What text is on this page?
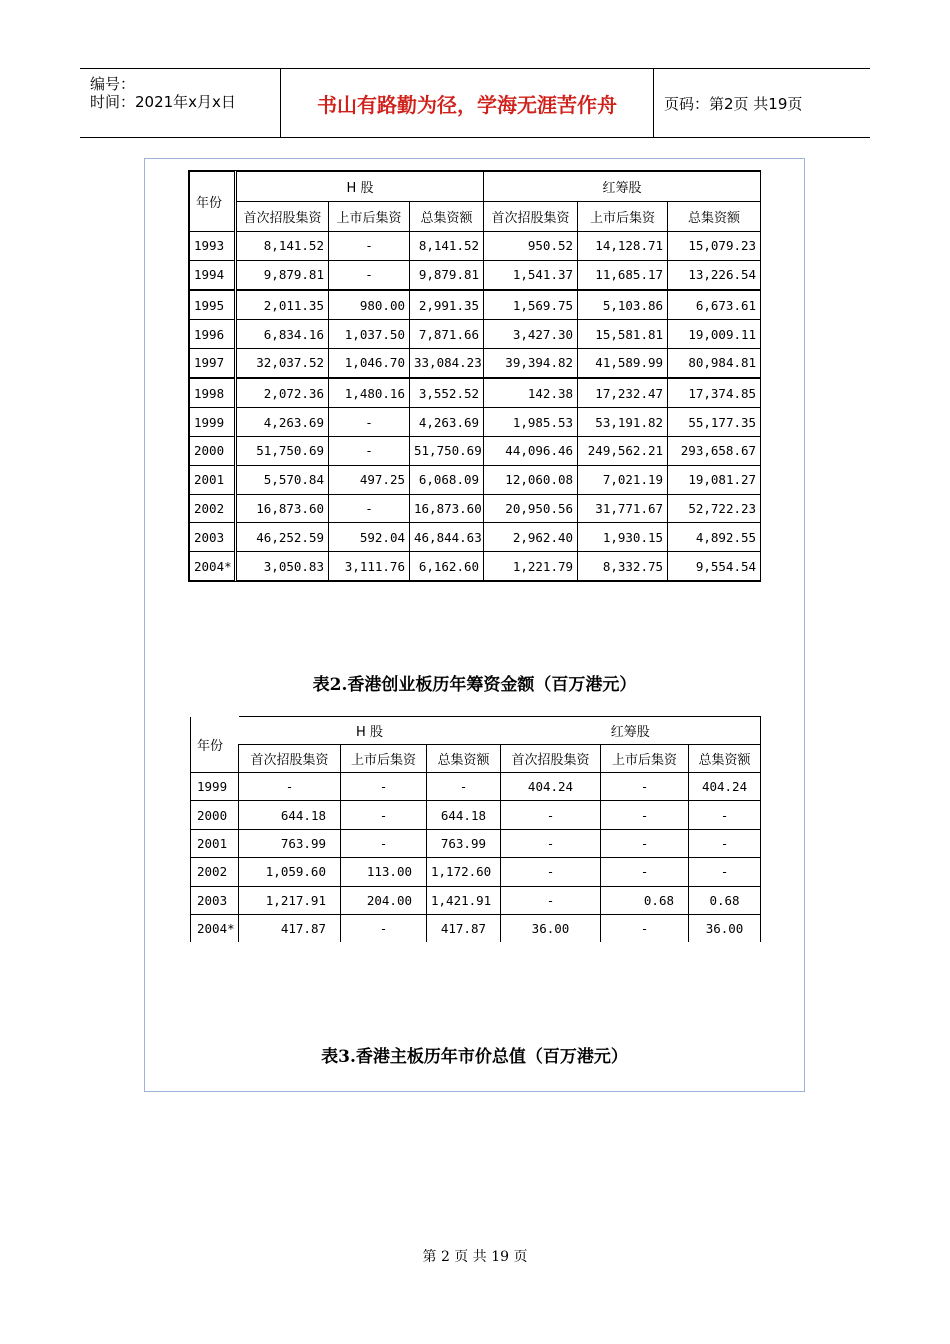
编号：
时间：2021年x月x日	书山有路勤为径，学海无涯苦作舟	页码：第2页 共19页
年份	H 股			红筹股		
	首次招股集资	上市后集资	总集资额	首次招股集资	上市后集资	总集资额
1993	8,141.52	-	8,141.52	950.52	14,128.71	15,079.23
1994	9,879.81	-	9,879.81	1,541.37	11,685.17	13,226.54
1995	2,011.35	980.00	2,991.35	1,569.75	5,103.86	6,673.61
1996	6,834.16	1,037.50	7,871.66	3,427.30	15,581.81	19,009.11
1997	32,037.52	1,046.70	33,084.23	39,394.82	41,589.99	80,984.81
1998	2,072.36	1,480.16	3,552.52	142.38	17,232.47	17,374.85
1999	4,263.69	-	4,263.69	1,985.53	53,191.82	55,177.35
2000	51,750.69	-	51,750.69	44,096.46	249,562.21	293,658.67
2001	5,570.84	497.25	6,068.09	12,060.08	7,021.19	19,081.27
2002	16,873.60	-	16,873.60	20,950.56	31,771.67	52,722.23
2003	46,252.59	592.04	46,844.63	2,962.40	1,930.15	4,892.55
2004*	3,050.83	3,111.76	6,162.60	1,221.79	8,332.75	9,554.54
表2.香港创业板历年筹资金额（百万港元）
年份	H 股			红筹股		
	首次招股集资	上市后集资	总集资额	首次招股集资	上市后集资	总集资额
1999	-	-	-	404.24	-	404.24
2000	644.18	-	644.18	-	-	-
2001	763.99	-	763.99	-	-	-
2002	1,059.60	113.00	1,172.60	-	-	-
2003	1,217.91	204.00	1,421.91	-	0.68	0.68
2004*	417.87	-	417.87	36.00	-	36.00
表3.香港主板历年市价总值（百万港元）
第 2 页 共 19 页
